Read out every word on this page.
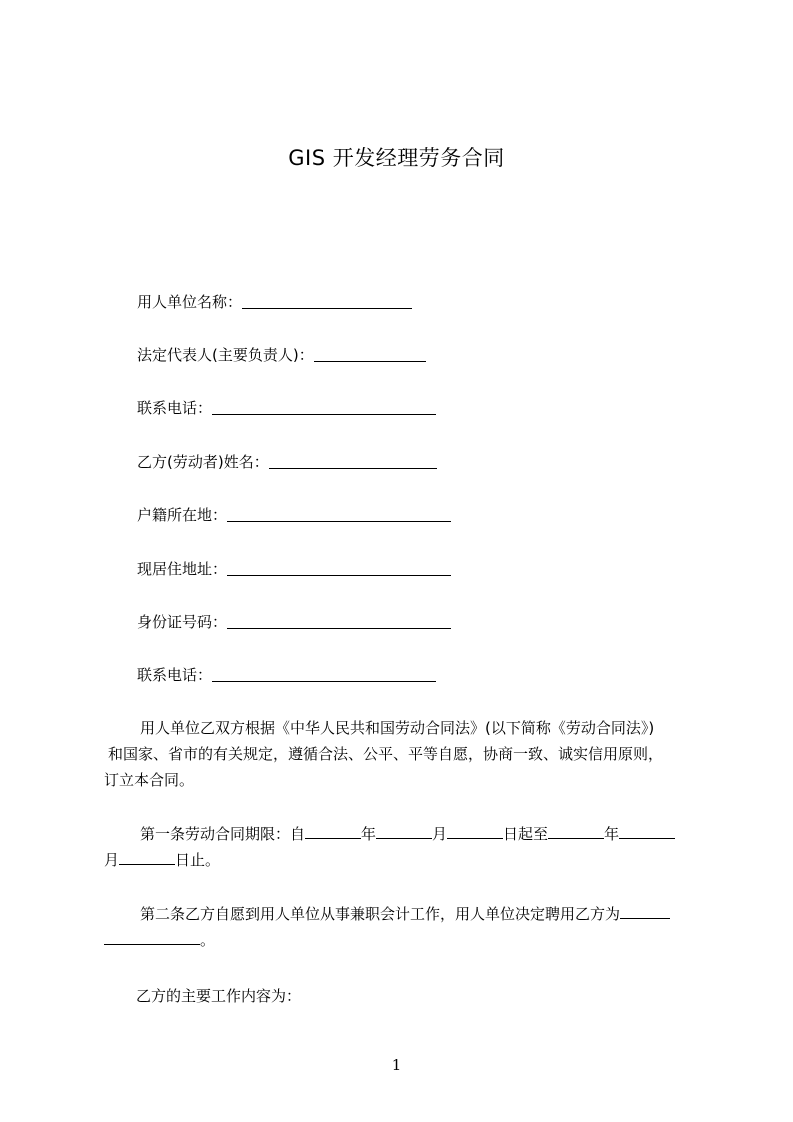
GIS 开发经理劳务合同
用人单位名称：
法定代表人(主要负责人)：
联系电话：
乙方(劳动者)姓名：
户籍所在地：
现居住地址：
身份证号码：
联系电话：
用人单位乙双方根据《中华人民共和国劳动合同法》(以下简称《劳动合同法》)
和国家、省市的有关规定，遵循合法、公平、平等自愿，协商一致、诚实信用原则，
订立本合同。
第一条劳动合同期限：自	年	月	日起至	年
月	日止。
第二条乙方自愿到用人单位从事兼职会计工作，用人单位决定聘用乙方为
。
乙方的主要工作内容为：
1
